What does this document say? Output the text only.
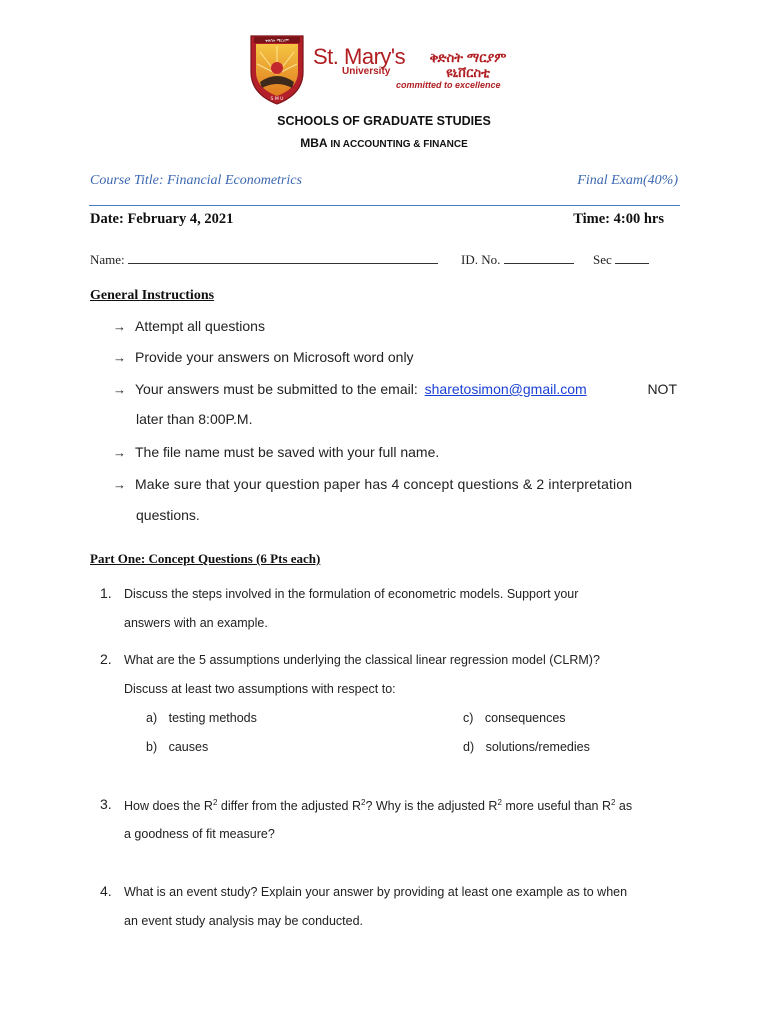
ቅድስት ማርያም
S M U
St. Mary's
University
ቅድስት ማርያም ዩኒቨርስቲ
committed to excellence
SCHOOLS OF GRADUATE STUDIES
MBA IN ACCOUNTING & FINANCE
Course Title: Financial Econometrics	Final Exam(40%)
Date: February 4, 2021	Time: 4:00 hrs
Name:	ID. No.	Sec
General Instructions
→ Attempt all questions
→ Provide your answers on Microsoft word only
→ Your answers must be submitted to the email: sharetosimon@gmail.com	NOT
later than 8:00P.M.
→ The file name must be saved with your full name.
→ Make sure that your question paper has 4 concept questions & 2 interpretation
questions.
Part One: Concept Questions (6 Pts each)
1. Discuss the steps involved in the formulation of econometric models. Support your
answers with an example.
2. What are the 5 assumptions underlying the classical linear regression model (CLRM)?
Discuss at least two assumptions with respect to:
a) testing methods
b) causes
c) consequences
d) solutions/remedies
3. How does the $R^2$ differ from the adjusted $R^2$? Why is the adjusted $R^2$ more useful than $R^2$ as
a goodness of fit measure?
4. What is an event study? Explain your answer by providing at least one example as to when
an event study analysis may be conducted.
